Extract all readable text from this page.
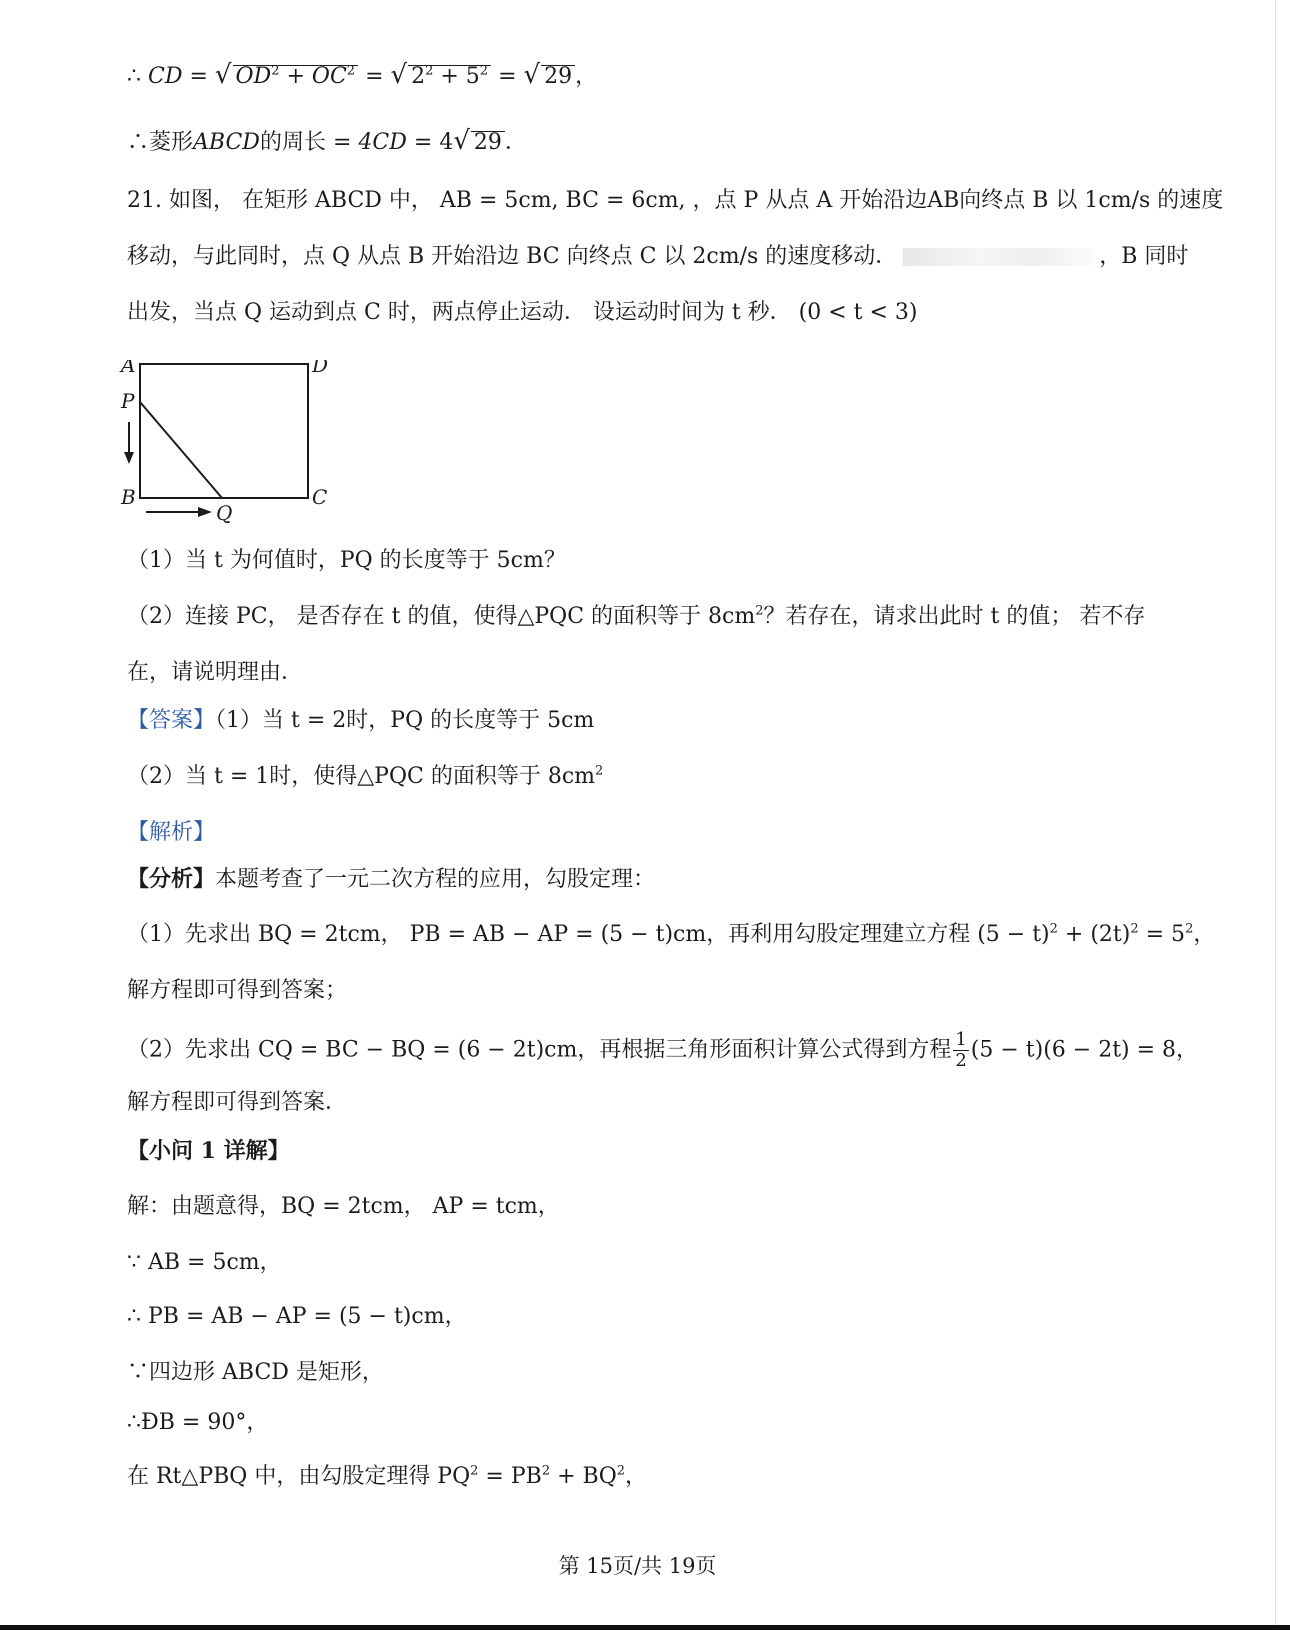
∴ CD = √ $OD^2 + OC^2$ = √ $2^2 + 5^2$ = √ 29 ，
∴菱形ABCD的周长 = 4CD = 4√ 29 ．
21. 如图， 在矩形 ABCD 中， AB = 5cm, BC = 6cm, ，点 P 从点 A 开始沿边AB向终点 B 以 1cm/s 的速度
移动，与此同时，点 Q 从点 B 开始沿边 BC 向终点 C 以 2cm/s 的速度移动．	，B 同时
出发，当点 Q 运动到点 C 时，两点停止运动． 设运动时间为 t 秒． (0 < t < 3)
A	D
P
B	C
Q
（1）当 t 为何值时，PQ 的长度等于 5cm？
（2）连接 PC， 是否存在 t 的值，使得△PQC 的面积等于 $8cm^2$？若存在，请求出此时 t 的值； 若不存
在，请说明理由．
【答案】（1）当 t = 2时，PQ 的长度等于 5cm
（2）当 t = 1时，使得△PQC 的面积等于 $8cm^2$
【解析】
【分析】本题考查了一元二次方程的应用，勾股定理：
（1）先求出 BQ = 2tcm， PB = AB − AP = (5 − t)cm，再利用勾股定理建立方程 $(5 - t)^2 + (2t)^2 = 5^2$，
解方程即可得到答案；
（2）先求出 CQ = BC − BQ = (6 − 2t)cm，再根据三角形面积计算公式得到方程 $\frac{1}{2} (5 - t)(6 - 2t) = 8$，
解方程即可得到答案．
【小问 1 详解】
解：由题意得，BQ = 2tcm， AP = tcm，
∵ AB = 5cm，
∴ PB = AB − AP = (5 − t)cm，
∵四边形 ABCD 是矩形，
∴ÐB = 90°，
在 Rt△PBQ 中，由勾股定理得 $PQ^2 = PB^2 + BQ^2$，
第 15页/共 19页
